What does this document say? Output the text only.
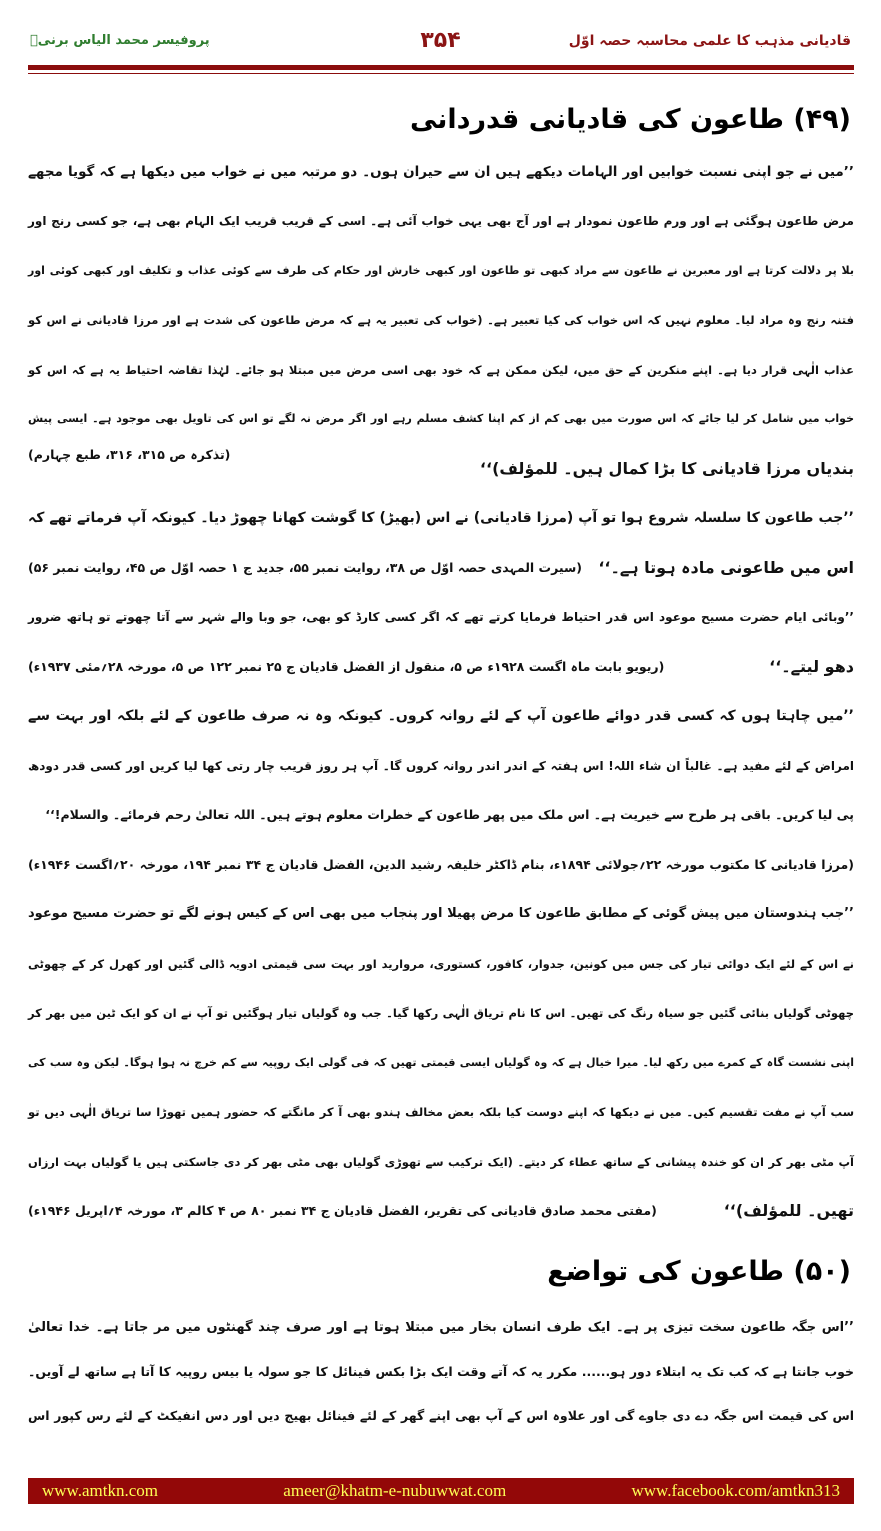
قادیانی مذہب کا علمی محاسبہ حصہ اوّل
۳۵۴
پروفیسر محمد الیاس برنیؒ
(۴۹) طاعون کی قادیانی قدردانی
’’میں نے جو اپنی نسبت خوابیں اور الہامات دیکھے ہیں ان سے حیران ہوں۔ دو مرتبہ میں نے خواب میں دیکھا ہے کہ گویا مجھے
مرض طاعون ہوگئی ہے اور ورم طاعون نمودار ہے اور آج بھی یہی خواب آئی ہے۔ اسی کے قریب قریب ایک الہام بھی ہے، جو کسی رنج اور
بلا پر دلالت کرتا ہے اور معبرین نے طاعون سے مراد کبھی تو طاعون اور کبھی خارش اور حکام کی طرف سے کوئی عذاب و تکلیف اور کبھی کوئی اور
فتنہ رنج وہ مراد لیا۔ معلوم نہیں کہ اس خواب کی کیا تعبیر ہے۔ (خواب کی تعبیر یہ ہے کہ مرض طاعون کی شدت ہے اور مرزا قادیانی نے اس کو
عذاب الٰہی قرار دیا ہے۔ اپنے منکرین کے حق میں، لیکن ممکن ہے کہ خود بھی اسی مرض میں مبتلا ہو جائے۔ لہٰذا تقاضہ احتیاط یہ ہے کہ اس کو
خواب میں شامل کر لیا جائے کہ اس صورت میں بھی کم از کم اپنا کشف مسلم رہے اور اگر مرض نہ لگے تو اس کی تاویل بھی موجود ہے۔ ایسی پیش
بندیاں مرزا قادیانی کا بڑا کمال ہیں۔ للمؤلف)‘‘
(تذکرہ ص ۳۱۵، ۳۱۶، طبع چہارم)
’’جب طاعون کا سلسلہ شروع ہوا تو آپ (مرزا قادیانی) نے اس (بھیڑ) کا گوشت کھانا چھوڑ دیا۔ کیونکہ آپ فرماتے تھے کہ
اس میں طاعونی مادہ ہوتا ہے۔‘‘
(سیرت المہدی حصہ اوّل ص ۳۸، روایت نمبر ۵۵، جدید ج ۱ حصہ اوّل ص ۴۵، روایت نمبر ۵۶)
’’وبائی ایام حضرت مسیح موعود اس قدر احتیاط فرمایا کرتے تھے کہ اگر کسی کارڈ کو بھی، جو وبا والے شہر سے آتا چھوتے تو ہاتھ ضرور
دھو لیتے۔‘‘
(ریویو بابت ماہ اگست ۱۹۲۸ء ص ۵، منقول از الفضل قادیان ج ۲۵ نمبر ۱۲۲ ص ۵، مورخہ ۲۸؍مئی ۱۹۳۷ء)
’’میں چاہتا ہوں کہ کسی قدر دوائے طاعون آپ کے لئے روانہ کروں۔ کیونکہ وہ نہ صرف طاعون کے لئے بلکہ اور بہت سے
امراض کے لئے مفید ہے۔ غالباً ان شاء اللہ! اس ہفتہ کے اندر اندر روانہ کروں گا۔ آپ ہر روز قریب چار رتی کھا لیا کریں اور کسی قدر دودھ
پی لیا کریں۔ باقی ہر طرح سے خیریت ہے۔ اس ملک میں پھر طاعون کے خطرات معلوم ہوتے ہیں۔ اللہ تعالیٰ رحم فرمائے۔ والسلام!‘‘
(مرزا قادیانی کا مکتوب مورخہ ۲۲؍جولائی ۱۸۹۴ء، بنام ڈاکٹر خلیفہ رشید الدین، الفضل قادیان ج ۳۴ نمبر ۱۹۴، مورخہ ۲۰؍اگست ۱۹۴۶ء)
’’جب ہندوستان میں پیش گوئی کے مطابق طاعون کا مرض پھیلا اور پنجاب میں بھی اس کے کیس ہونے لگے تو حضرت مسیح موعود
نے اس کے لئے ایک دوائی تیار کی جس میں کونین، جدوار، کافور، کستوری، مروارید اور بہت سی قیمتی ادویہ ڈالی گئیں اور کھرل کر کے چھوٹی
چھوٹی گولیاں بنائی گئیں جو سیاہ رنگ کی تھیں۔ اس کا نام تریاق الٰہی رکھا گیا۔ جب وہ گولیاں تیار ہوگئیں تو آپ نے ان کو ایک ٹین میں بھر کر
اپنی نشست گاہ کے کمرے میں رکھ لیا۔ میرا خیال ہے کہ وہ گولیاں ایسی قیمتی تھیں کہ فی گولی ایک روپیہ سے کم خرچ نہ ہوا ہوگا۔ لیکن وہ سب کی
سب آپ نے مفت تقسیم کیں۔ میں نے دیکھا کہ اپنے دوست کیا بلکہ بعض مخالف ہندو بھی آ کر مانگتے کہ حضور ہمیں تھوڑا سا تریاق الٰہی دیں تو
آپ مٹی بھر کر ان کو خندہ پیشانی کے ساتھ عطاء کر دیتے۔ (ایک ترکیب سے تھوڑی گولیاں بھی مٹی بھر کر دی جاسکتی ہیں یا گولیاں بہت ارزاں
تھیں۔ للمؤلف)‘‘
(مفتی محمد صادق قادیانی کی تقریر، الفضل قادیان ج ۳۴ نمبر ۸۰ ص ۴ کالم ۳، مورخہ ۴؍اپریل ۱۹۴۶ء)
(۵۰) طاعون کی تواضع
’’اس جگہ طاعون سخت تیزی پر ہے۔ ایک طرف انسان بخار میں مبتلا ہوتا ہے اور صرف چند گھنٹوں میں مر جاتا ہے۔ خدا تعالیٰ
خوب جانتا ہے کہ کب تک یہ ابتلاء دور ہو...... مکرر یہ کہ آتے وقت ایک بڑا بکس فینائل کا جو سولہ یا بیس روپیہ کا آتا ہے ساتھ لے آویں۔
اس کی قیمت اس جگہ دے دی جاوے گی اور علاوہ اس کے آپ بھی اپنے گھر کے لئے فینائل بھیج دیں اور دس انفیکٹ کے لئے رس کپور اس
www.amtkn.com	ameer@khatm-e-nubuwwat.com	www.facebook.com/amtkn313
